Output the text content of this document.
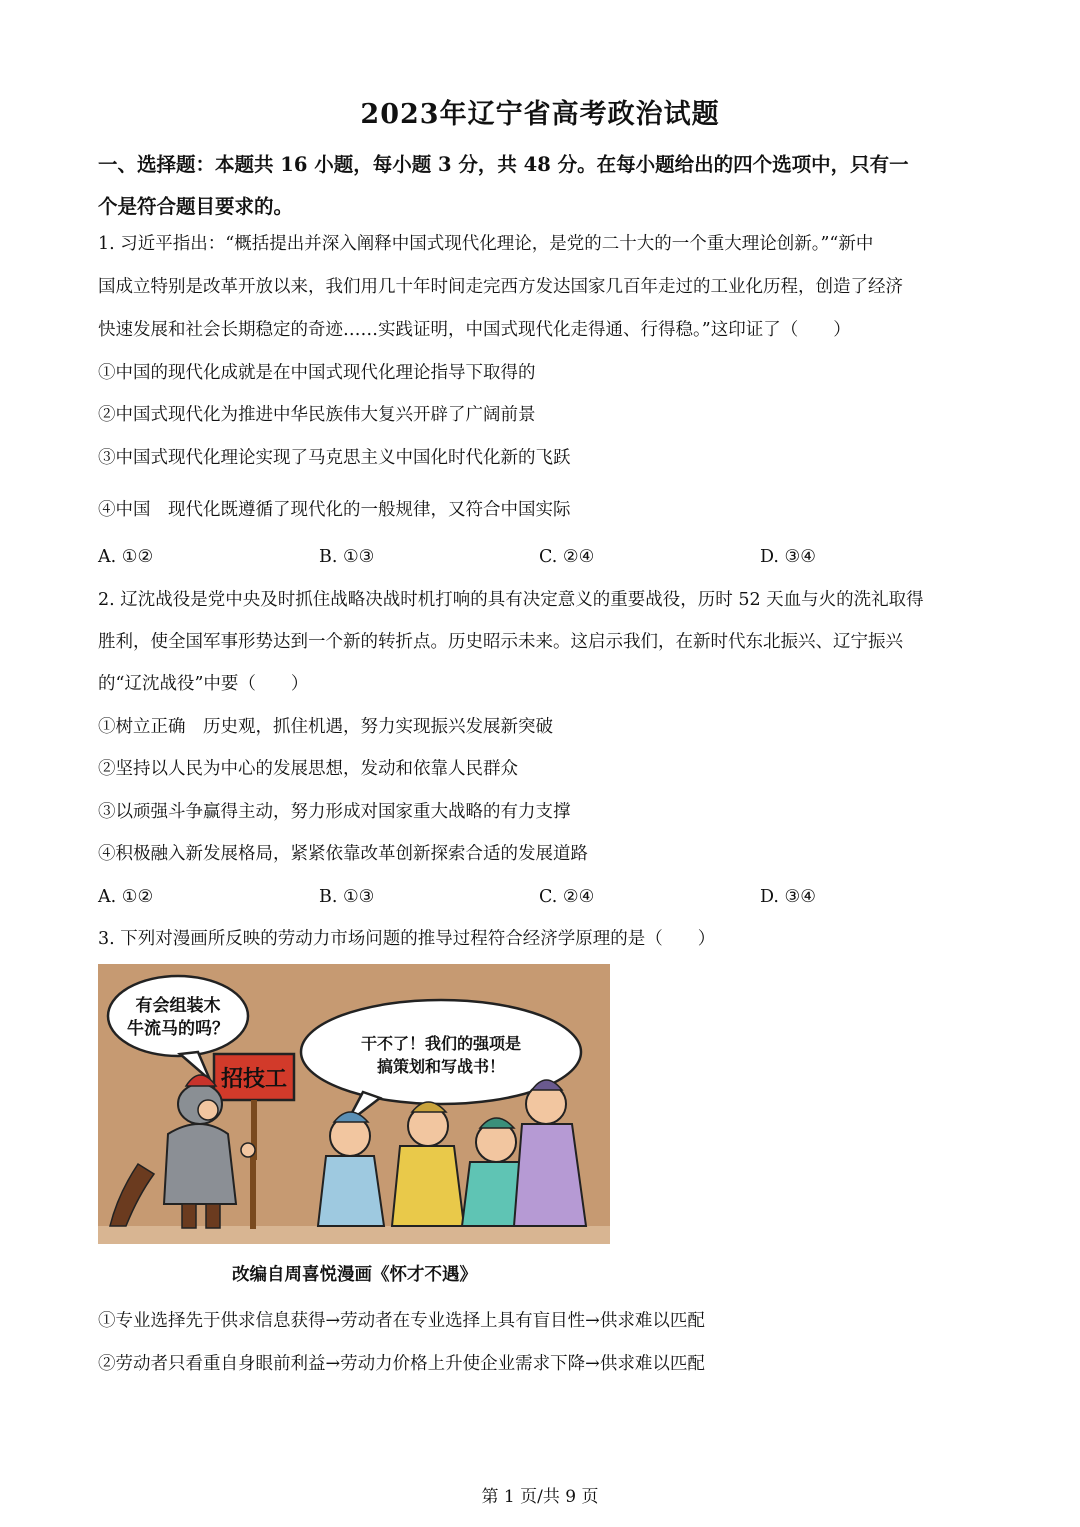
2023年辽宁省高考政治试题
一、选择题：本题共 16 小题，每小题 3 分，共 48 分。在每小题给出的四个选项中，只有一
个是符合题目要求的。
1. 习近平指出：“概括提出并深入阐释中国式现代化理论，是党的二十大的一个重大理论创新。”“新中
国成立特别是改革开放以来，我们用几十年时间走完西方发达国家几百年走过的工业化历程，创造了经济
快速发展和社会长期稳定的奇迹……实践证明，中国式现代化走得通、行得稳。”这印证了（　　）
①中国的现代化成就是在中国式现代化理论指导下取得的
②中国式现代化为推进中华民族伟大复兴开辟了广阔前景
③中国式现代化理论实现了马克思主义中国化时代化新的飞跃
④中国　现代化既遵循了现代化的一般规律，又符合中国实际
A. ①②	B. ①③	C. ②④	D. ③④
2. 辽沈战役是党中央及时抓住战略决战时机打响的具有决定意义的重要战役，历时 52 天血与火的洗礼取得
胜利，使全国军事形势达到一个新的转折点。历史昭示未来。这启示我们，在新时代东北振兴、辽宁振兴
的“辽沈战役”中要（　　）
①树立正确　历史观，抓住机遇，努力实现振兴发展新突破
②坚持以人民为中心的发展思想，发动和依靠人民群众
③以顽强斗争赢得主动，努力形成对国家重大战略的有力支撑
④积极融入新发展格局，紧紧依靠改革创新探索合适的发展道路
A. ①②	B. ①③	C. ②④	D. ③④
3. 下列对漫画所反映的劳动力市场问题的推导过程符合经济学原理的是（　　）
有会组装木
牛流马的吗？
干不了！我们的强项是
搞策划和写战书！
招技工
改编自周喜悦漫画《怀才不遇》
①专业选择先于供求信息获得→劳动者在专业选择上具有盲目性→供求难以匹配
②劳动者只看重自身眼前利益→劳动力价格上升使企业需求下降→供求难以匹配
第 1 页/共 9 页
